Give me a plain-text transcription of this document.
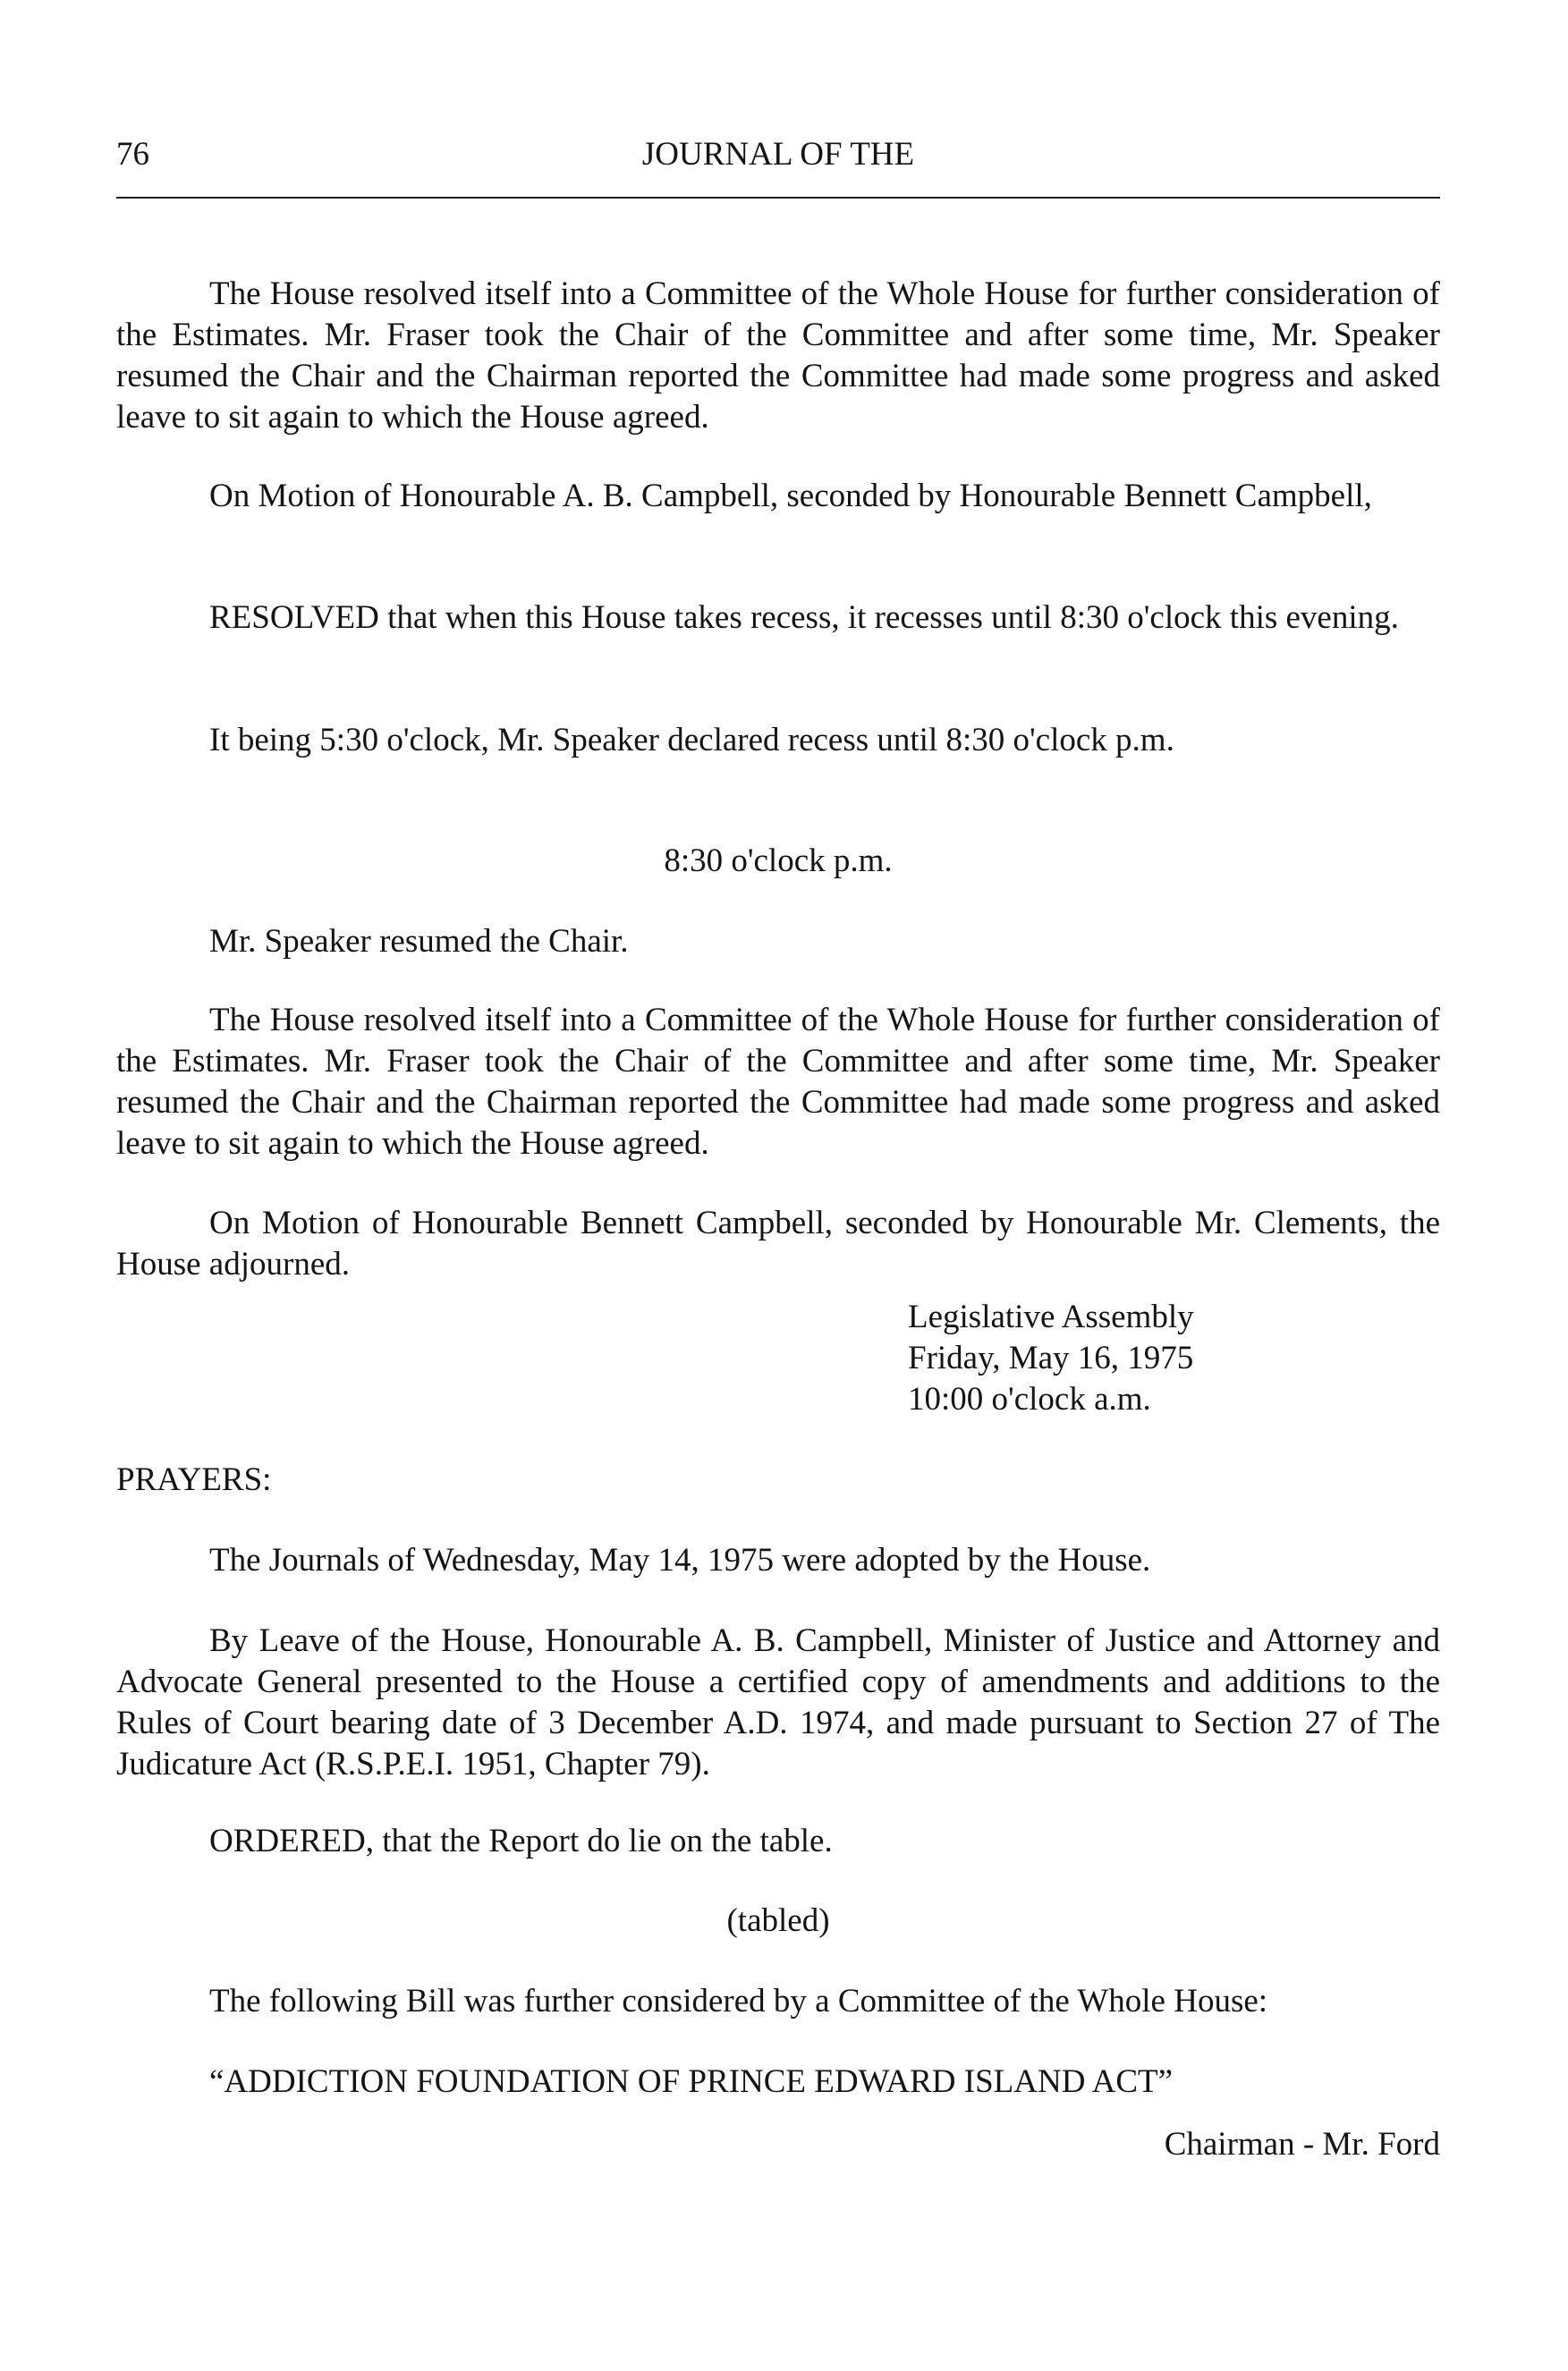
76	JOURNAL OF THE

The House resolved itself into a Committee of the Whole House for further consideration of the Estimates. Mr. Fraser took the Chair of the Committee and after some time, Mr. Speaker resumed the Chair and the Chairman reported the Committee had made some progress and asked leave to sit again to which the House agreed.

On Motion of Honourable A. B. Campbell, seconded by Honourable Bennett Campbell,

RESOLVED that when this House takes recess, it recesses until 8:30 o'clock this evening.

It being 5:30 o'clock, Mr. Speaker declared recess until 8:30 o'clock p.m.

8:30 o'clock p.m.

Mr. Speaker resumed the Chair.

The House resolved itself into a Committee of the Whole House for further consideration of the Estimates. Mr. Fraser took the Chair of the Committee and after some time, Mr. Speaker resumed the Chair and the Chairman reported the Committee had made some progress and asked leave to sit again to which the House agreed.

On Motion of Honourable Bennett Campbell, seconded by Honourable Mr. Clements, the House adjourned.

Legislative Assembly
Friday, May 16, 1975
10:00 o'clock a.m.
PRAYERS:

The Journals of Wednesday, May 14, 1975 were adopted by the House.

By Leave of the House, Honourable A. B. Campbell, Minister of Justice and Attorney and Advocate General presented to the House a certified copy of amendments and additions to the Rules of Court bearing date of 3 December A.D. 1974, and made pursuant to Section 27 of The Judicature Act (R.S.P.E.I. 1951, Chapter 79).

ORDERED, that the Report do lie on the table.

(tabled)

The following Bill was further considered by a Committee of the Whole House:

“ADDICTION FOUNDATION OF PRINCE EDWARD ISLAND ACT”

Chairman - Mr. Ford
